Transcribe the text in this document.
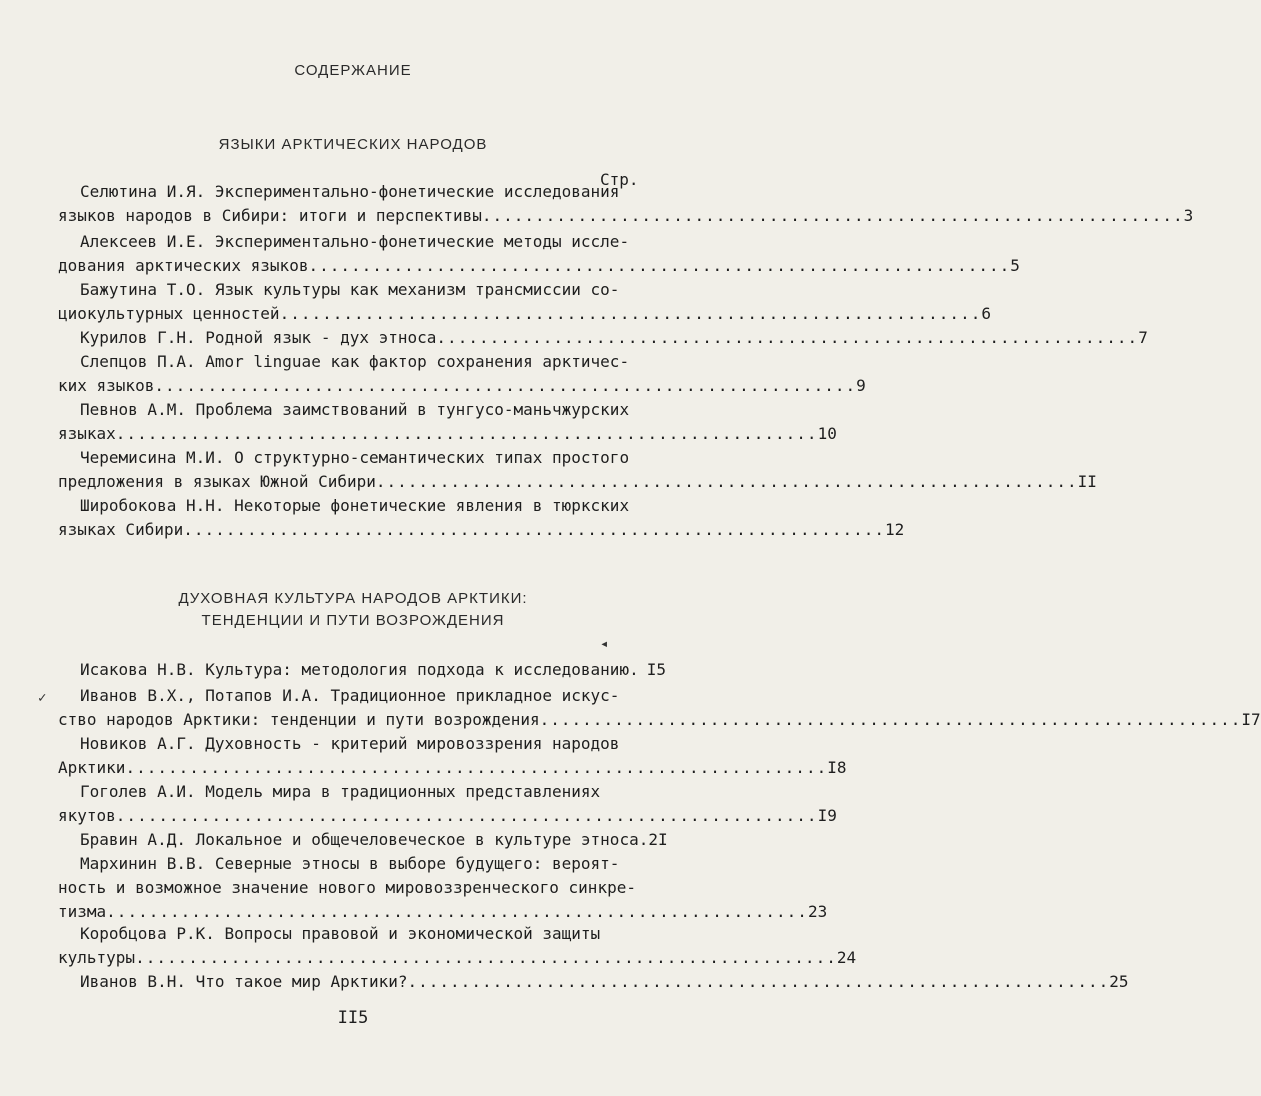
СОДЕРЖАНИЕ
ЯЗЫКИ АРКТИЧЕСКИХ НАРОДОВ
Стр.
Селютина И.Я. Экспериментально-фонетические исследования
языков народов в Сибири: итоги и перспективы .................................................................. 3
Алексеев И.Е. Экспериментально-фонетические методы иссле-
дования арктических языков .................................................................. 5
Бажутина Т.О. Язык культуры как механизм трансмиссии со-
циокультурных ценностей .................................................................. 6
Курилов Г.Н. Родной язык - дух этноса .................................................................. 7
Слепцов П.А. Amor linguae как фактор сохранения арктичес-
ких языков .................................................................. 9
Певнов А.М. Проблема заимствований в тунгусо-маньчжурских
языках .................................................................. 10
Черемисина М.И. О структурно-семантических типах простого
предложения в языках Южной Сибири .................................................................. II
Широбокова Н.Н. Некоторые фонетические явления в тюркских
языках Сибири .................................................................. 12
ДУХОВНАЯ КУЛЬТУРА НАРОДОВ АРКТИКИ:
ТЕНДЕНЦИИ И ПУТИ ВОЗРОЖДЕНИЯ
Исакова Н.В. Культура: методология подхода к исследованию. I5
Иванов В.Х., Потапов И.А. Традиционное прикладное искус-
ство народов Арктики: тенденции и пути возрождения .................................................................. I7
Новиков А.Г. Духовность - критерий мировоззрения народов
Арктики .................................................................. I8
Гоголев А.И. Модель мира в традиционных представлениях
якутов .................................................................. I9
Бравин А.Д. Локальное и общечеловеческое в культуре этноса. 2I
Мархинин В.В. Северные этносы в выборе будущего: вероят-
ность и возможное значение нового мировоззренческого синкре-
тизма .................................................................. 23
Коробцова Р.К. Вопросы правовой и экономической защиты
культуры .................................................................. 24
Иванов В.Н. Что такое мир Арктики? .................................................................. 25
II5
✓
◂
